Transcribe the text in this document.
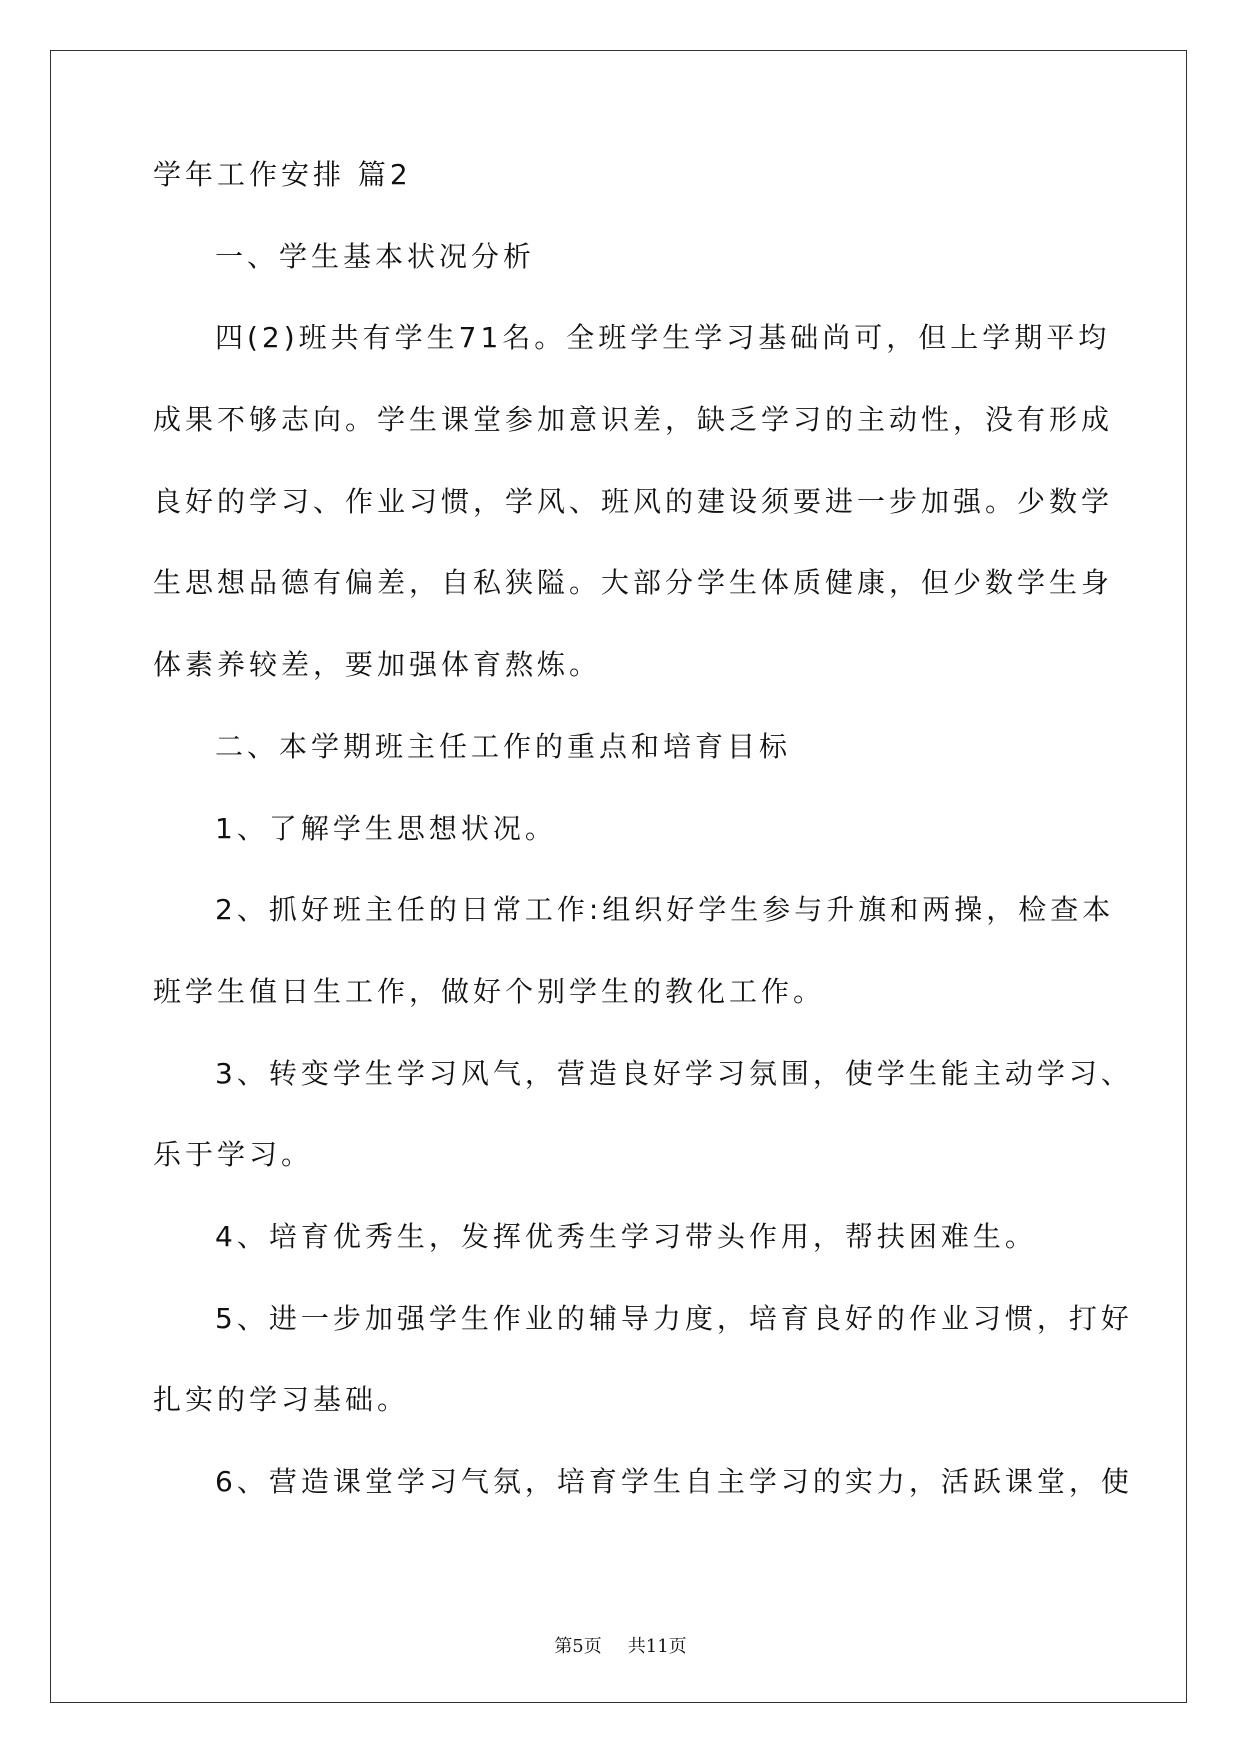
学年工作安排 篇2
一、学生基本状况分析
四(2)班共有学生71名。全班学生学习基础尚可，但上学期平均
成果不够志向。学生课堂参加意识差，缺乏学习的主动性，没有形成
良好的学习、作业习惯，学风、班风的建设须要进一步加强。少数学
生思想品德有偏差，自私狭隘。大部分学生体质健康，但少数学生身
体素养较差，要加强体育熬炼。
二、本学期班主任工作的重点和培育目标
1、了解学生思想状况。
2、抓好班主任的日常工作:组织好学生参与升旗和两操，检查本
班学生值日生工作，做好个别学生的教化工作。
3、转变学生学习风气，营造良好学习氛围，使学生能主动学习、
乐于学习。
4、培育优秀生，发挥优秀生学习带头作用，帮扶困难生。
5、进一步加强学生作业的辅导力度，培育良好的作业习惯，打好
扎实的学习基础。
6、营造课堂学习气氛，培育学生自主学习的实力，活跃课堂，使
第5页 共11页
